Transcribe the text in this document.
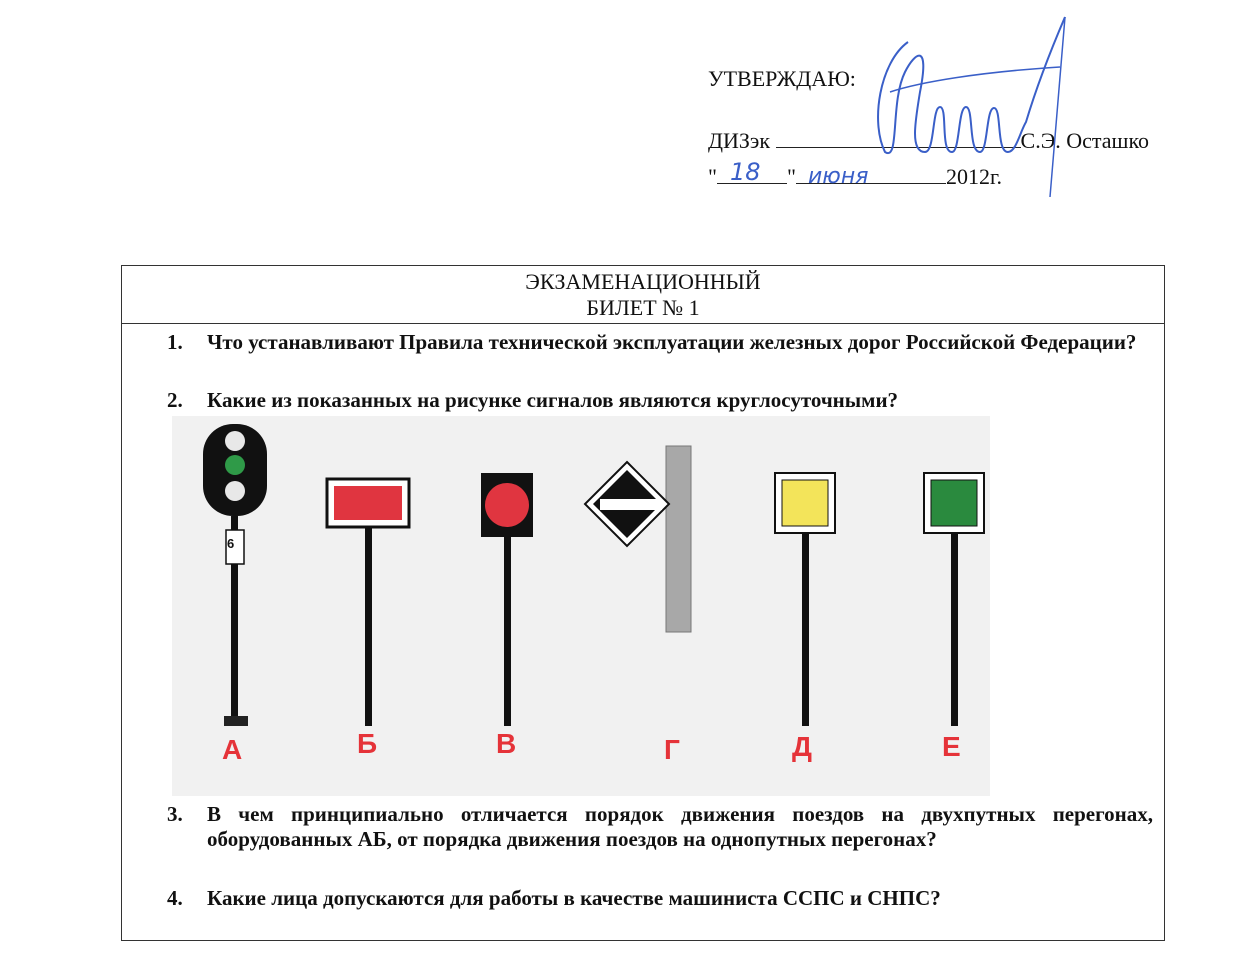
УТВЕРЖДАЮ:
ДИЗэк	С.Э. Осташко
"	"	2012г.
18 июня
ЭКЗАМЕНАЦИОННЫЙ
БИЛЕТ № 1
1. Что устанавливают Правила технической эксплуатации железных дорог Российской Федерации?
2. Какие из показанных на рисунке сигналов являются круглосуточными?
6
А	Б	В	Г	Д	Е
3. В чем принципиально отличается порядок движения поездов на двухпутных перегонах, оборудованных АБ, от порядка движения поездов на однопутных перегонах?
4. Какие лица допускаются для работы в качестве машиниста ССПС и СНПС?
